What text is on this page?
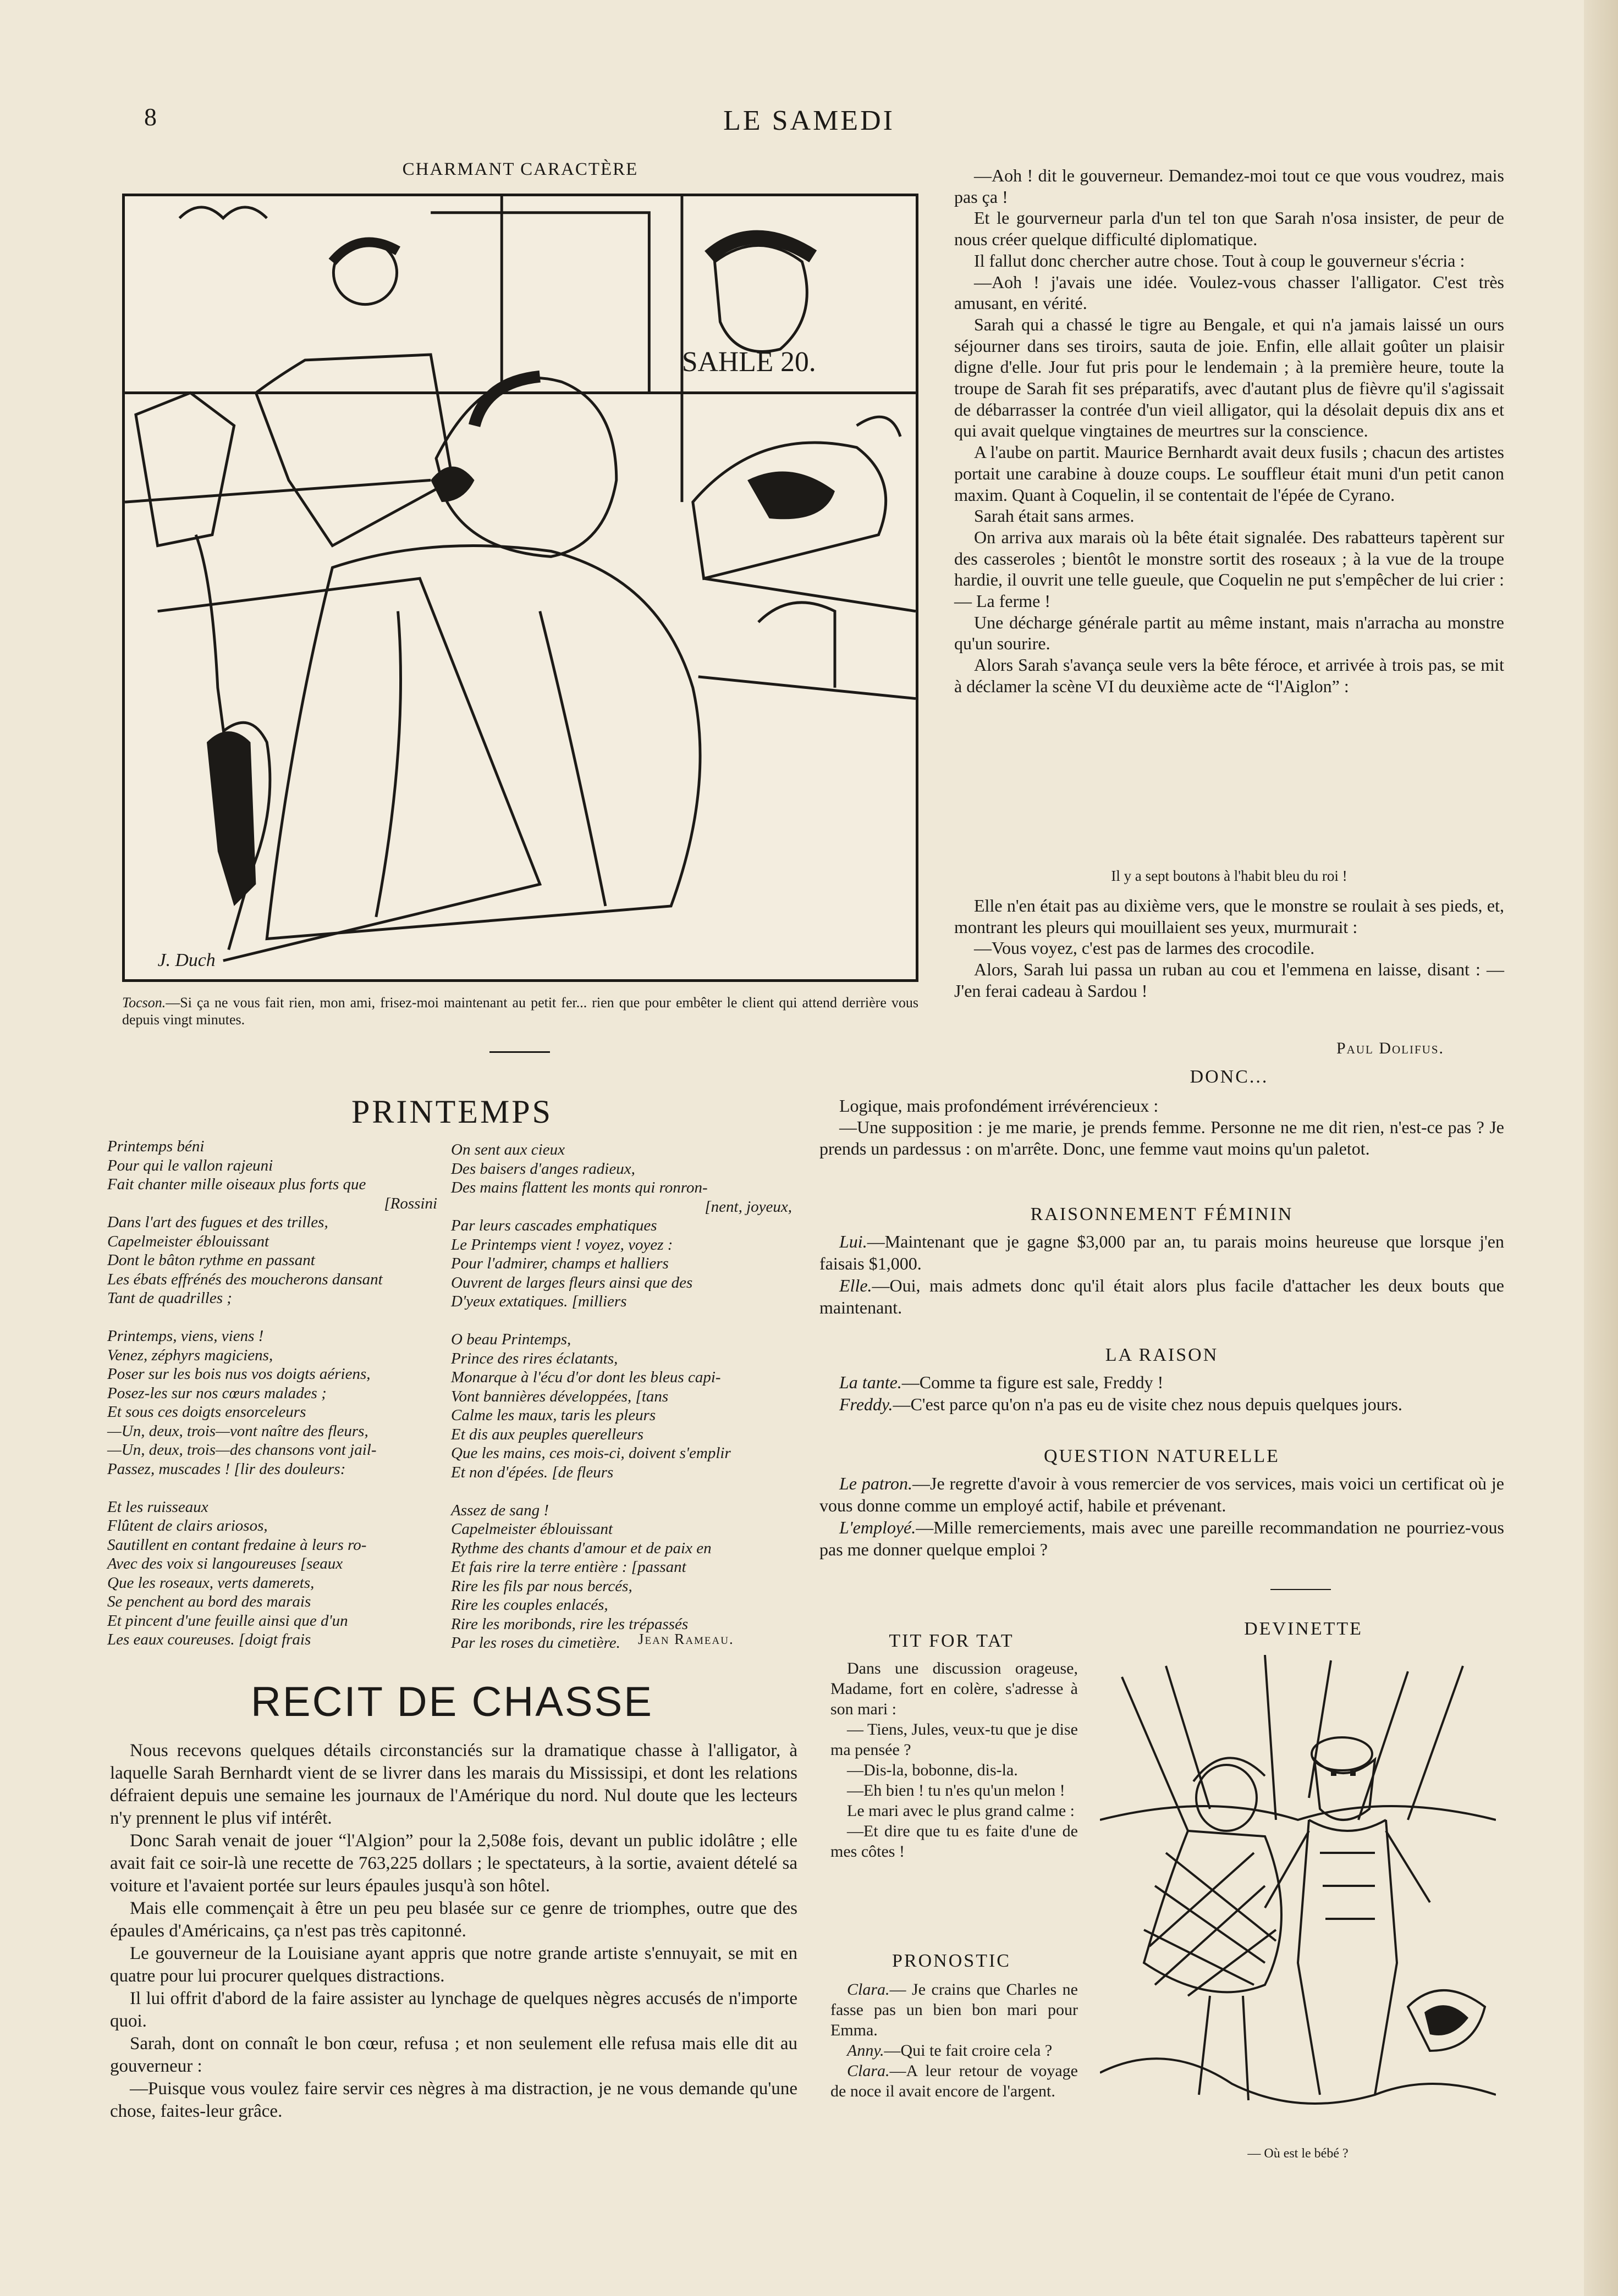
8	LE SAMEDI
CHARMANT CARACTÈRE
SAHLE 20.
J. Duch
Tocson.—Si ça ne vous fait rien, mon ami, frisez-moi maintenant au petit fer... rien que pour embêter le client qui attend derrière vous depuis vingt minutes.
PRINTEMPS
Printemps béni
Pour qui le vallon rajeuni
Fait chanter mille oiseaux plus forts que
[Rossini
Dans l'art des fugues et des trilles,
Capelmeister éblouissant
Dont le bâton rythme en passant
Les ébats effrénés des moucherons dansant
Tant de quadrilles ;

Printemps, viens, viens !
Venez, zéphyrs magiciens,
Poser sur les bois nus vos doigts aériens,
Posez-les sur nos cœurs malades ;
Et sous ces doigts ensorceleurs
—Un, deux, trois—vont naître des fleurs,
—Un, deux, trois—des chansons vont jail-
Passez, muscades ! [lir des douleurs:

Et les ruisseaux
Flûtent de clairs ariosos,
Sautillent en contant fredaine à leurs ro-
Avec des voix si langoureuses [seaux
Que les roseaux, verts damerets,
Se penchent au bord des marais
Et pincent d'une feuille ainsi que d'un
Les eaux coureuses. [doigt frais
On sent aux cieux
Des baisers d'anges radieux,
Des mains flattent les monts qui ronron-
[nent, joyeux,
Par leurs cascades emphatiques
Le Printemps vient ! voyez, voyez :
Pour l'admirer, champs et halliers
Ouvrent de larges fleurs ainsi que des
D'yeux extatiques. [milliers

O beau Printemps,
Prince des rires éclatants,
Monarque à l'écu d'or dont les bleus capi-
Vont bannières développées, [tans
Calme les maux, taris les pleurs
Et dis aux peuples querelleurs
Que les mains, ces mois-ci, doivent s'emplir
Et non d'épées. [de fleurs

Assez de sang !
Capelmeister éblouissant
Rythme des chants d'amour et de paix en
Et fais rire la terre entière : [passant
Rire les fils par nous bercés,
Rire les couples enlacés,
Rire les moribonds, rire les trépassés
Par les roses du cimetière.	Jean Rameau.
RECIT DE CHASSE

Nous recevons quelques détails circonstanciés sur la dramatique chasse à l'alligator, à laquelle Sarah Bernhardt vient de se livrer dans les marais du Mississipi, et dont les relations défraient depuis une semaine les journaux de l'Amérique du nord. Nul doute que les lecteurs n'y prennent le plus vif intérêt.

Donc Sarah venait de jouer “l'Algion” pour la 2,508e fois, devant un public idolâtre ; elle avait fait ce soir-là une recette de 763,225 dollars ; le spectateurs, à la sortie, avaient dételé sa voiture et l'avaient portée sur leurs épaules jusqu'à son hôtel.

Mais elle commençait à être un peu peu blasée sur ce genre de triomphes, outre que des épaules d'Américains, ça n'est pas très capitonné.

Le gouverneur de la Louisiane ayant appris que notre grande artiste s'ennuyait, se mit en quatre pour lui procurer quelques distractions.

Il lui offrit d'abord de la faire assister au lynchage de quelques nègres accusés de n'importe quoi.

Sarah, dont on connaît le bon cœur, refusa ; et non seulement elle refusa mais elle dit au gouverneur :

—Puisque vous voulez faire servir ces nègres à ma distraction, je ne vous demande qu'une chose, faites-leur grâce.

—Aoh ! dit le gouverneur. Demandez-moi tout ce que vous voudrez, mais pas ça !

Et le gourverneur parla d'un tel ton que Sarah n'osa insister, de peur de nous créer quelque difficulté diplomatique.

Il fallut donc chercher autre chose. Tout à coup le gouverneur s'écria :

—Aoh ! j'avais une idée. Voulez-vous chasser l'alligator. C'est très amusant, en vérité.

Sarah qui a chassé le tigre au Bengale, et qui n'a jamais laissé un ours séjourner dans ses tiroirs, sauta de joie. Enfin, elle allait goûter un plaisir digne d'elle. Jour fut pris pour le lendemain ; à la première heure, toute la troupe de Sarah fit ses préparatifs, avec d'autant plus de fièvre qu'il s'agissait de débarrasser la contrée d'un vieil alligator, qui la désolait depuis dix ans et qui avait quelque vingtaines de meurtres sur la conscience.

A l'aube on partit. Maurice Bernhardt avait deux fusils ; chacun des artistes portait une carabine à douze coups. Le souffleur était muni d'un petit canon maxim. Quant à Coquelin, il se contentait de l'épée de Cyrano.

Sarah était sans armes.

On arriva aux marais où la bête était signalée. Des rabatteurs tapèrent sur des casseroles ; bientôt le monstre sortit des roseaux ; à la vue de la troupe hardie, il ouvrit une telle gueule, que Coquelin ne put s'empêcher de lui crier :— La ferme !

Une décharge générale partit au même instant, mais n'arracha au monstre qu'un sourire.

Alors Sarah s'avança seule vers la bête féroce, et arrivée à trois pas, se mit à déclamer la scène VI du deuxième acte de “l'Aiglon” :

Il y a sept boutons à l'habit bleu du roi !

Elle n'en était pas au dixième vers, que le monstre se roulait à ses pieds, et, montrant les pleurs qui mouillaient ses yeux, murmurait :

—Vous voyez, c'est pas de larmes des crocodile.

Alors, Sarah lui passa un ruban au cou et l'emmena en laisse, disant : — J'en ferai cadeau à Sardou !

Paul Dolifus.
DONC...

Logique, mais profondément irrévérencieux :

—Une supposition : je me marie, je prends femme. Personne ne me dit rien, n'est-ce pas ? Je prends un pardessus : on m'arrête. Donc, une femme vaut moins qu'un paletot.

RAISONNEMENT FÉMININ

Lui.—Maintenant que je gagne $3,000 par an, tu parais moins heureuse que lorsque j'en faisais $1,000.

Elle.—Oui, mais admets donc qu'il était alors plus facile d'attacher les deux bouts que maintenant.

LA RAISON

La tante.—Comme ta figure est sale, Freddy !

Freddy.—C'est parce qu'on n'a pas eu de visite chez nous depuis quelques jours.

QUESTION NATURELLE

Le patron.—Je regrette d'avoir à vous remercier de vos services, mais voici un certificat où je vous donne comme un employé actif, habile et prévenant.

L'employé.—Mille remerciements, mais avec une pareille recommandation ne pourriez-vous pas me donner quelque emploi ?

TIT FOR TAT

Dans une discussion orageuse, Madame, fort en colère, s'adresse à son mari :

— Tiens, Jules, veux-tu que je dise ma pensée ?

—Dis-la, bobonne, dis-la.

—Eh bien ! tu n'es qu'un melon !

Le mari avec le plus grand calme :

—Et dire que tu es faite d'une de mes côtes !

PRONOSTIC

Clara.— Je crains que Charles ne fasse pas un bien bon mari pour Emma.

Anny.—Qui te fait croire cela ?

Clara.—A leur retour de voyage de noce il avait encore de l'argent.

DEVINETTE
— Où est le bébé ?
